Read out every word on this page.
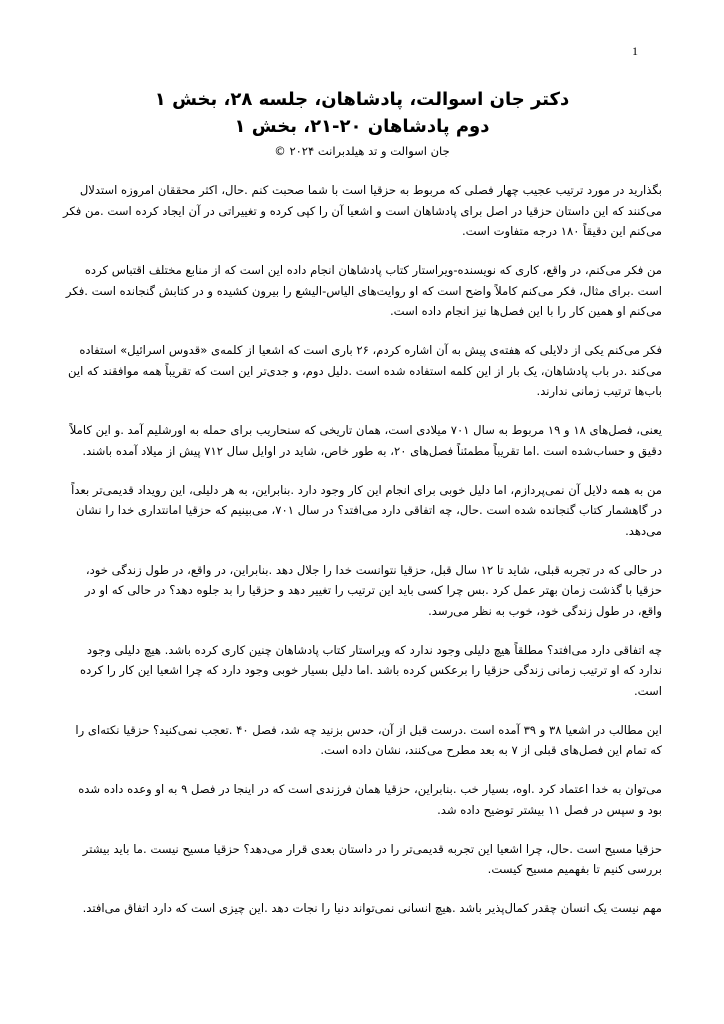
1

دکتر جان اسوالت، پادشاهان، جلسه ۲۸، بخش ۱

دوم پادشاهان ۲۰-۲۱، بخش ۱

جان اسوالت و تد هیلدبرانت ۲۰۲۴ ©

بگذارید در مورد ترتیب عجیب چهار فصلی که مربوط به حزقیا است با شما صحبت کنم .حال، اکثر محققان امروزه استدلال می‌کنند که این داستان حزقیا در اصل برای پادشاهان است و اشعیا آن را کپی کرده و تغییراتی در آن ایجاد کرده است .من فکر می‌کنم این دقیقاً ۱۸۰ درجه متفاوت است.

من فکر می‌کنم، در واقع، کاری که نویسنده-ویراستار کتاب پادشاهان انجام داده این است که از منابع مختلف اقتباس کرده است .برای مثال، فکر می‌کنم کاملاً واضح است که او روایت‌های الیاس-الیشع را بیرون کشیده و در کتابش گنجانده است .فکر می‌کنم او همین کار را با این فصل‌ها نیز انجام داده است.

فکر می‌کنم یکی از دلایلی که هفته‌ی پیش به آن اشاره کردم، ۲۶ باری است که اشعیا از کلمه‌ی «قدوس اسرائیل» استفاده می‌کند .در باب پادشاهان، یک بار از این کلمه استفاده شده است .دلیل دوم، و جدی‌تر این است که تقریباً همه موافقند که این باب‌ها ترتیب زمانی ندارند.

یعنی، فصل‌های ۱۸ و ۱۹ مربوط به سال ۷۰۱ میلادی است، همان تاریخی که سنحاریب برای حمله به اورشلیم آمد .و این کاملاً دقیق و حساب‌شده است .اما تقریباً مطمئناً فصل‌های ۲۰، به طور خاص، شاید در اوایل سال ۷۱۲ پیش از میلاد آمده باشند.

من به همه دلایل آن نمی‌پردازم، اما دلیل خوبی برای انجام این کار وجود دارد .بنابراین، به هر دلیلی، این رویداد قدیمی‌تر بعداً در گاهشمار کتاب گنجانده شده است .حال، چه اتفاقی دارد می‌افتد؟ در سال ۷۰۱، می‌بینیم که حزقیا امانتداری خدا را نشان می‌دهد.

در حالی که در تجربه قبلی، شاید تا ۱۲ سال قبل، حزقیا نتوانست خدا را جلال دهد .بنابراین، در واقع، در طول زندگی خود، حزقیا با گذشت زمان بهتر عمل کرد .بس چرا کسی باید این ترتیب را تغییر دهد و حزقیا را بد جلوه دهد؟ در حالی که او در واقع، در طول زندگی خود، خوب به نظر می‌رسد.

چه اتفاقی دارد می‌افتد؟ مطلقاً هیچ دلیلی وجود ندارد که ویراستار کتاب پادشاهان چنین کاری کرده باشد. هیچ دلیلی وجود ندارد که او ترتیب زمانی زندگی حزقیا را برعکس کرده باشد .اما دلیل بسیار خوبی وجود دارد که چرا اشعیا این کار را کرده است.

این مطالب در اشعیا ۳۸ و ۳۹ آمده است .درست قبل از آن، حدس بزنید چه شد، فصل ۴۰ .تعجب نمی‌کنید؟ حزقیا نکته‌ای را که تمام این فصل‌های قبلی از ۷ به بعد مطرح می‌کنند، نشان داده است.

می‌توان به خدا اعتماد کرد .اوه، بسیار خب .بنابراین، حزقیا همان فرزندی است که در اینجا در فصل ۹ به او وعده داده شده بود و سپس در فصل ۱۱ بیشتر توضیح داده شد.

حزقیا مسیح است .حال، چرا اشعیا این تجربه قدیمی‌تر را در داستان بعدی قرار می‌دهد؟ حزقیا مسیح نیست .ما باید بیشتر بررسی کنیم تا بفهمیم مسیح کیست.

مهم نیست یک انسان چقدر کمال‌پذیر باشد .هیچ انسانی نمی‌تواند دنیا را نجات دهد .این چیزی است که دارد اتفاق می‌افتد.
